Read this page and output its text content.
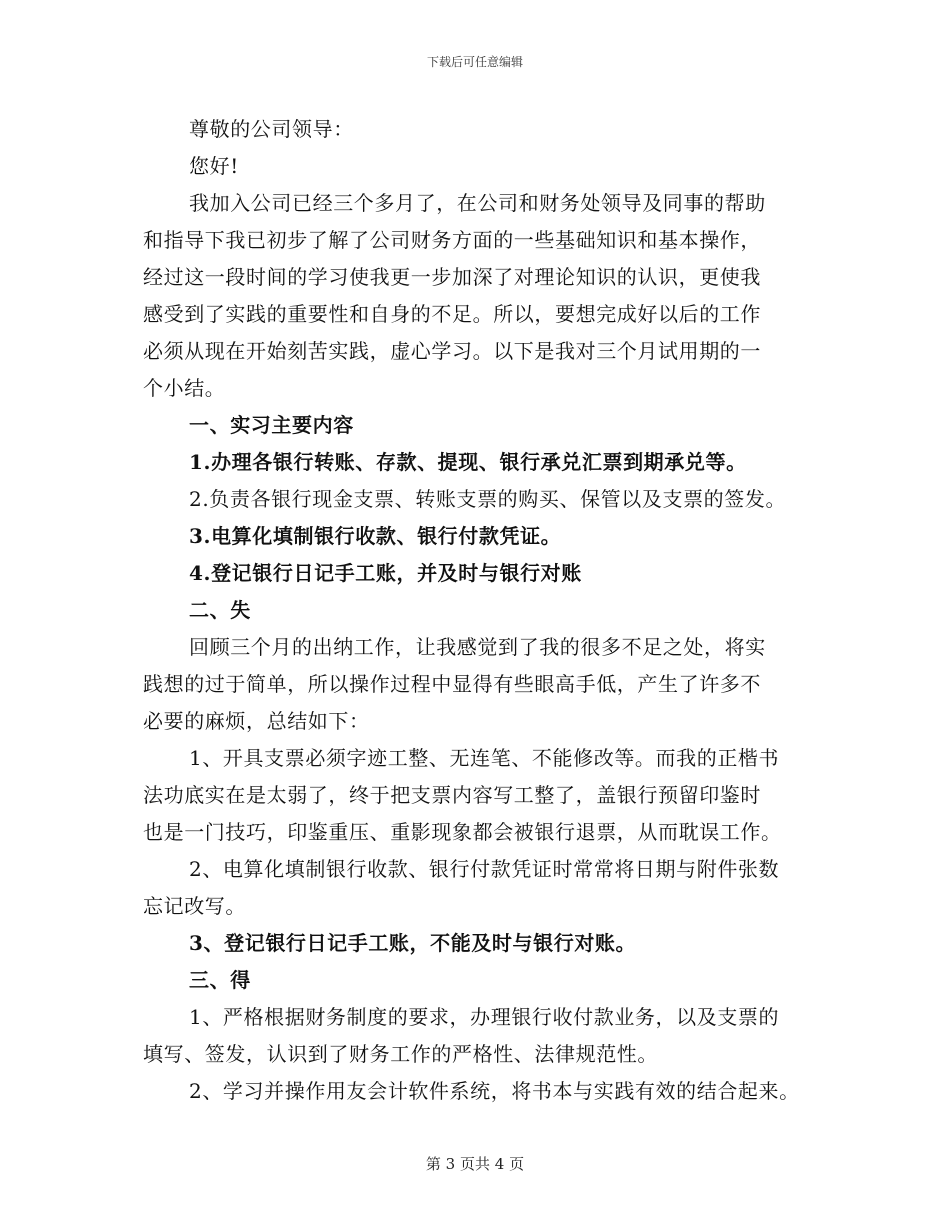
下载后可任意编辑
尊敬的公司领导：
您好!
我加入公司已经三个多月了，在公司和财务处领导及同事的帮助
和指导下我已初步了解了公司财务方面的一些基础知识和基本操作，
经过这一段时间的学习使我更一步加深了对理论知识的认识，更使我
感受到了实践的重要性和自身的不足。所以，要想完成好以后的工作
必须从现在开始刻苦实践，虚心学习。以下是我对三个月试用期的一
个小结。
一、实习主要内容
1.办理各银行转账、存款、提现、银行承兑汇票到期承兑等。
2.负责各银行现金支票、转账支票的购买、保管以及支票的签发。
3.电算化填制银行收款、银行付款凭证。
4.登记银行日记手工账，并及时与银行对账
二、失
回顾三个月的出纳工作，让我感觉到了我的很多不足之处，将实
践想的过于简单，所以操作过程中显得有些眼高手低，产生了许多不
必要的麻烦，总结如下：
1、开具支票必须字迹工整、无连笔、不能修改等。而我的正楷书
法功底实在是太弱了，终于把支票内容写工整了，盖银行预留印鉴时
也是一门技巧，印鉴重压、重影现象都会被银行退票，从而耽误工作。
2、电算化填制银行收款、银行付款凭证时常常将日期与附件张数
忘记改写。
3、登记银行日记手工账，不能及时与银行对账。
三、得
1、严格根据财务制度的要求，办理银行收付款业务，以及支票的
填写、签发，认识到了财务工作的严格性、法律规范性。
2、学习并操作用友会计软件系统，将书本与实践有效的结合起来。
第 3 页共 4 页
